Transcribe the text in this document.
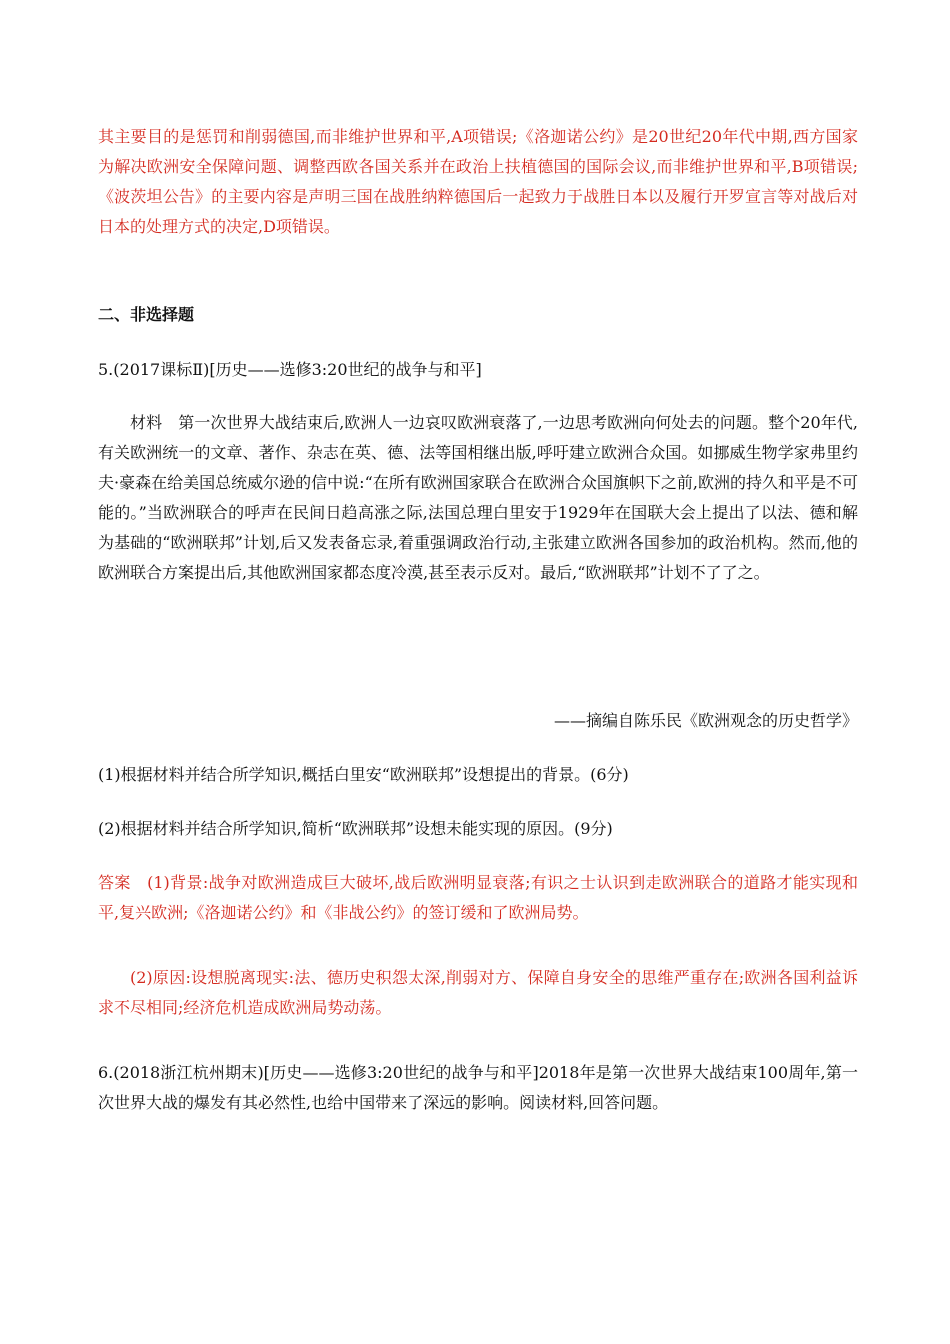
其主要目的是惩罚和削弱德国,而非维护世界和平,A项错误;《洛迦诺公约》是20世纪20年代中期,西方国家为解决欧洲安全保障问题、调整西欧各国关系并在政治上扶植德国的国际会议,而非维护世界和平,B项错误;《波茨坦公告》的主要内容是声明三国在战胜纳粹德国后一起致力于战胜日本以及履行开罗宣言等对战后对日本的处理方式的决定,D项错误。

二、非选择题

5.(2017课标Ⅱ)[历史——选修3:20世纪的战争与和平]

材料　第一次世界大战结束后,欧洲人一边哀叹欧洲衰落了,一边思考欧洲向何处去的问题。整个20年代,有关欧洲统一的文章、著作、杂志在英、德、法等国相继出版,呼吁建立欧洲合众国。如挪威生物学家弗里约夫·豪森在给美国总统威尔逊的信中说:“在所有欧洲国家联合在欧洲合众国旗帜下之前,欧洲的持久和平是不可能的。”当欧洲联合的呼声在民间日趋高涨之际,法国总理白里安于1929年在国联大会上提出了以法、德和解为基础的“欧洲联邦”计划,后又发表备忘录,着重强调政治行动,主张建立欧洲各国参加的政治机构。然而,他的欧洲联合方案提出后,其他欧洲国家都态度冷漠,甚至表示反对。最后,“欧洲联邦”计划不了了之。

——摘编自陈乐民《欧洲观念的历史哲学》

(1)根据材料并结合所学知识,概括白里安“欧洲联邦”设想提出的背景。(6分)

(2)根据材料并结合所学知识,简析“欧洲联邦”设想未能实现的原因。(9分)

答案　(1)背景:战争对欧洲造成巨大破坏,战后欧洲明显衰落;有识之士认识到走欧洲联合的道路才能实现和平,复兴欧洲;《洛迦诺公约》和《非战公约》的签订缓和了欧洲局势。

(2)原因:设想脱离现实:法、德历史积怨太深,削弱对方、保障自身安全的思维严重存在;欧洲各国利益诉求不尽相同;经济危机造成欧洲局势动荡。

6.(2018浙江杭州期末)[历史——选修3:20世纪的战争与和平]2018年是第一次世界大战结束100周年,第一次世界大战的爆发有其必然性,也给中国带来了深远的影响。阅读材料,回答问题。
